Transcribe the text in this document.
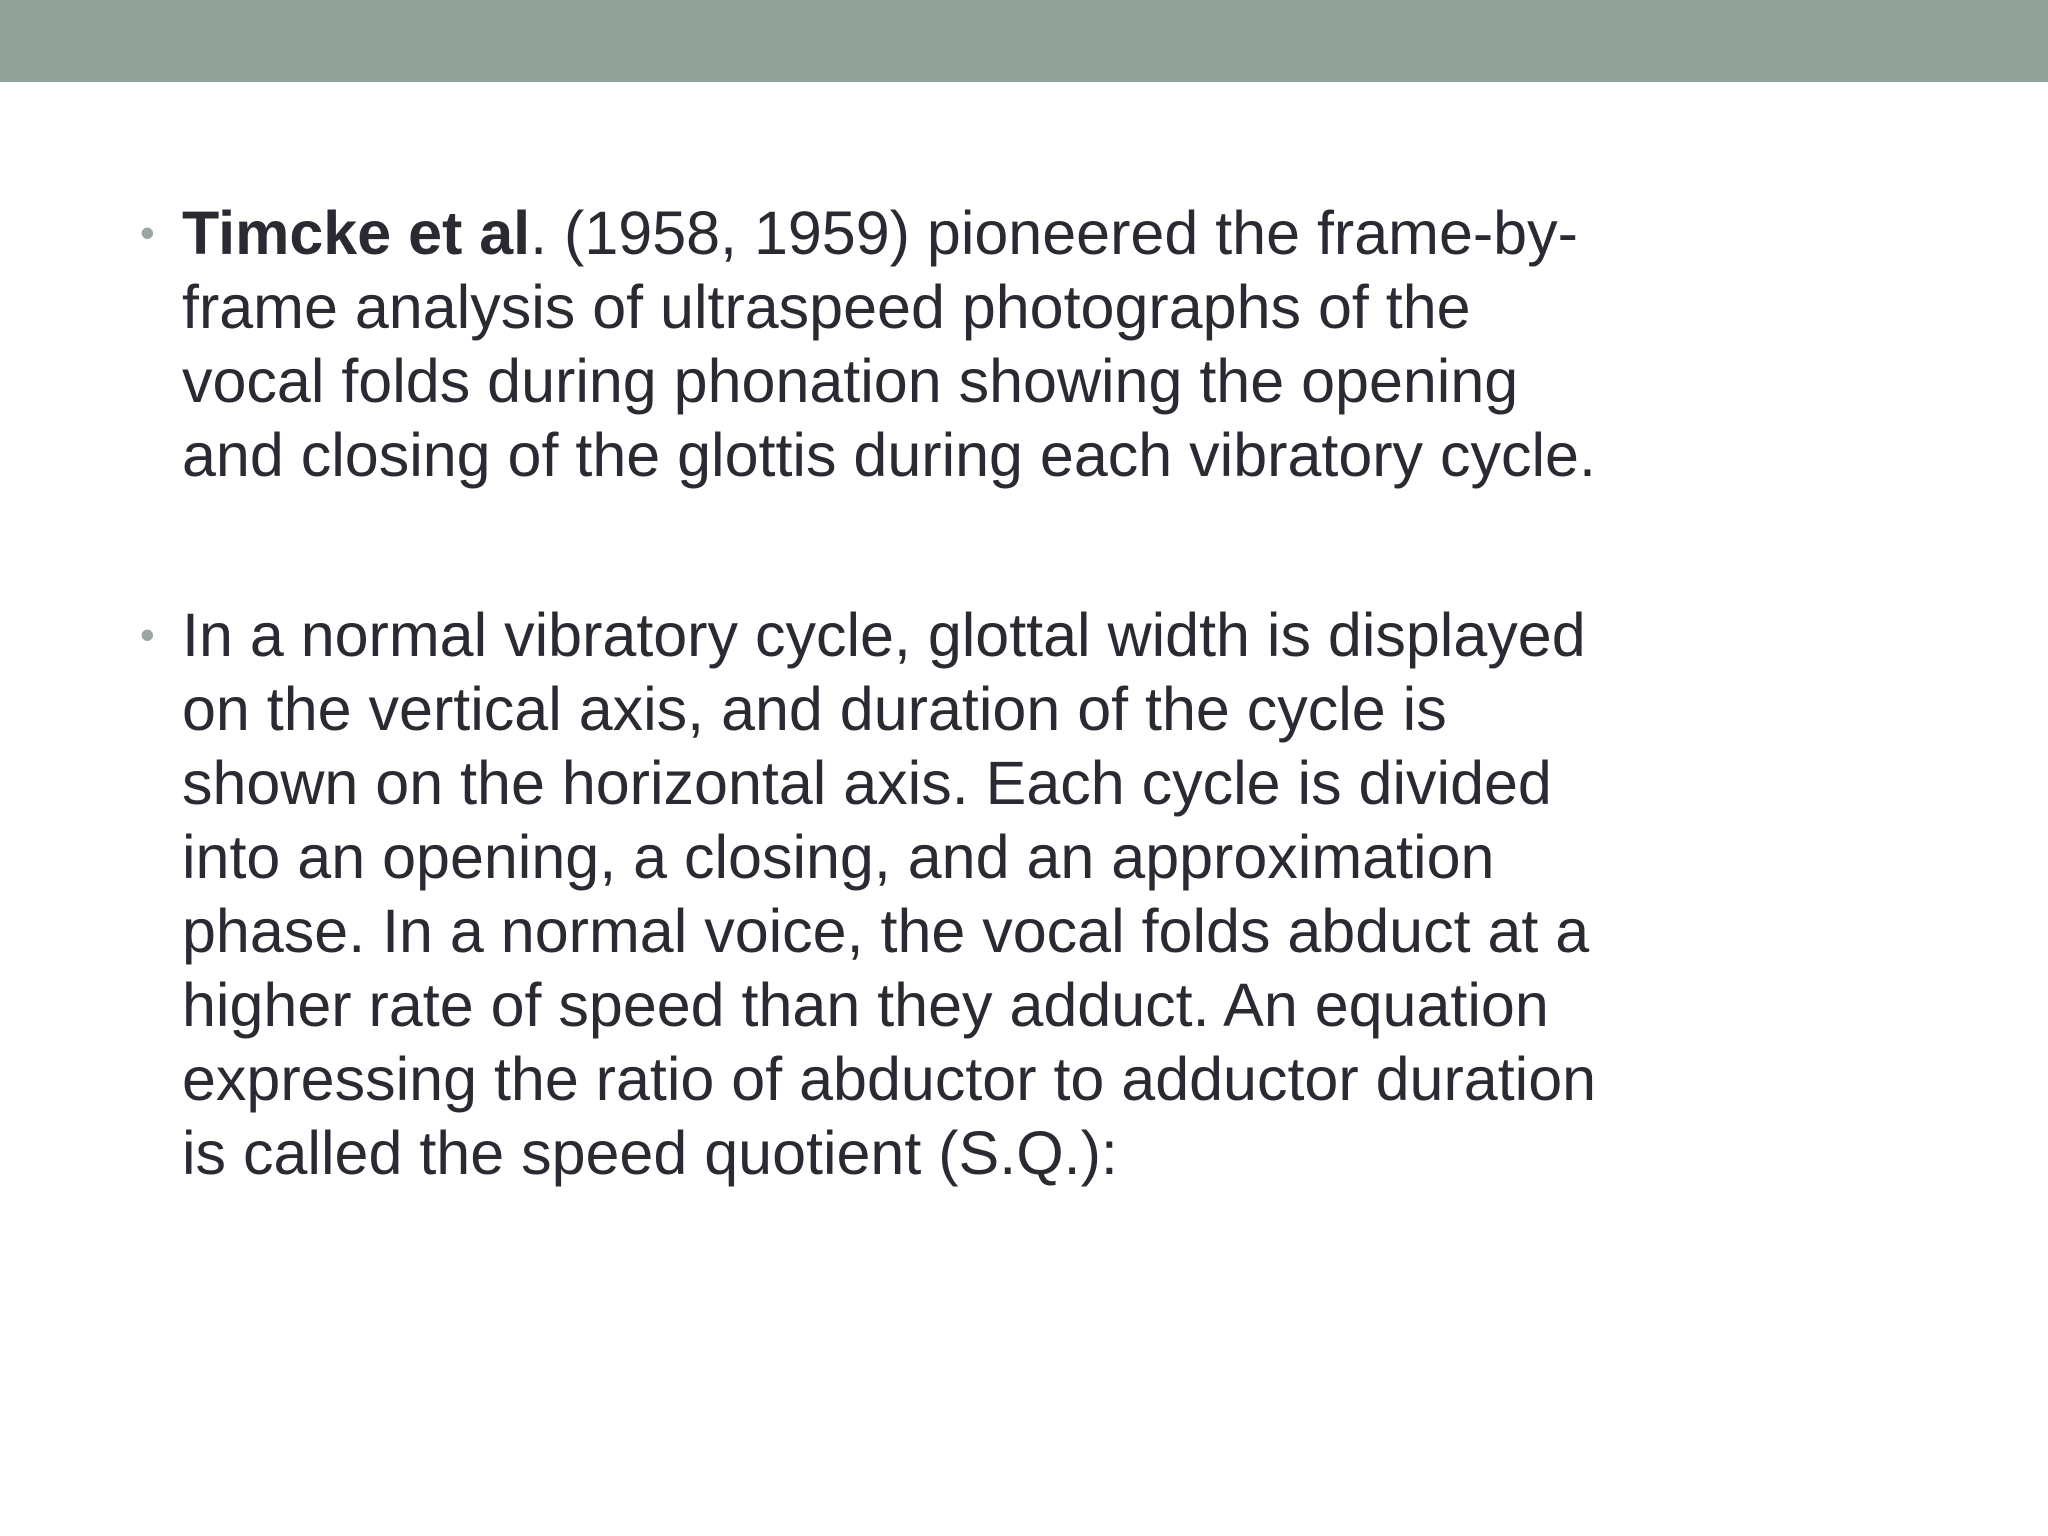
• Timcke et al. (1958, 1959) pioneered the frame-by-
frame analysis of ultraspeed photographs of the
vocal folds during phonation showing the opening
and closing of the glottis during each vibratory cycle.
• In a normal vibratory cycle, glottal width is displayed
on the vertical axis, and duration of the cycle is
shown on the horizontal axis. Each cycle is divided
into an opening, a closing, and an approximation
phase. In a normal voice, the vocal folds abduct at a
higher rate of speed than they adduct. An equation
expressing the ratio of abductor to adductor duration
is called the speed quotient (S.Q.):
